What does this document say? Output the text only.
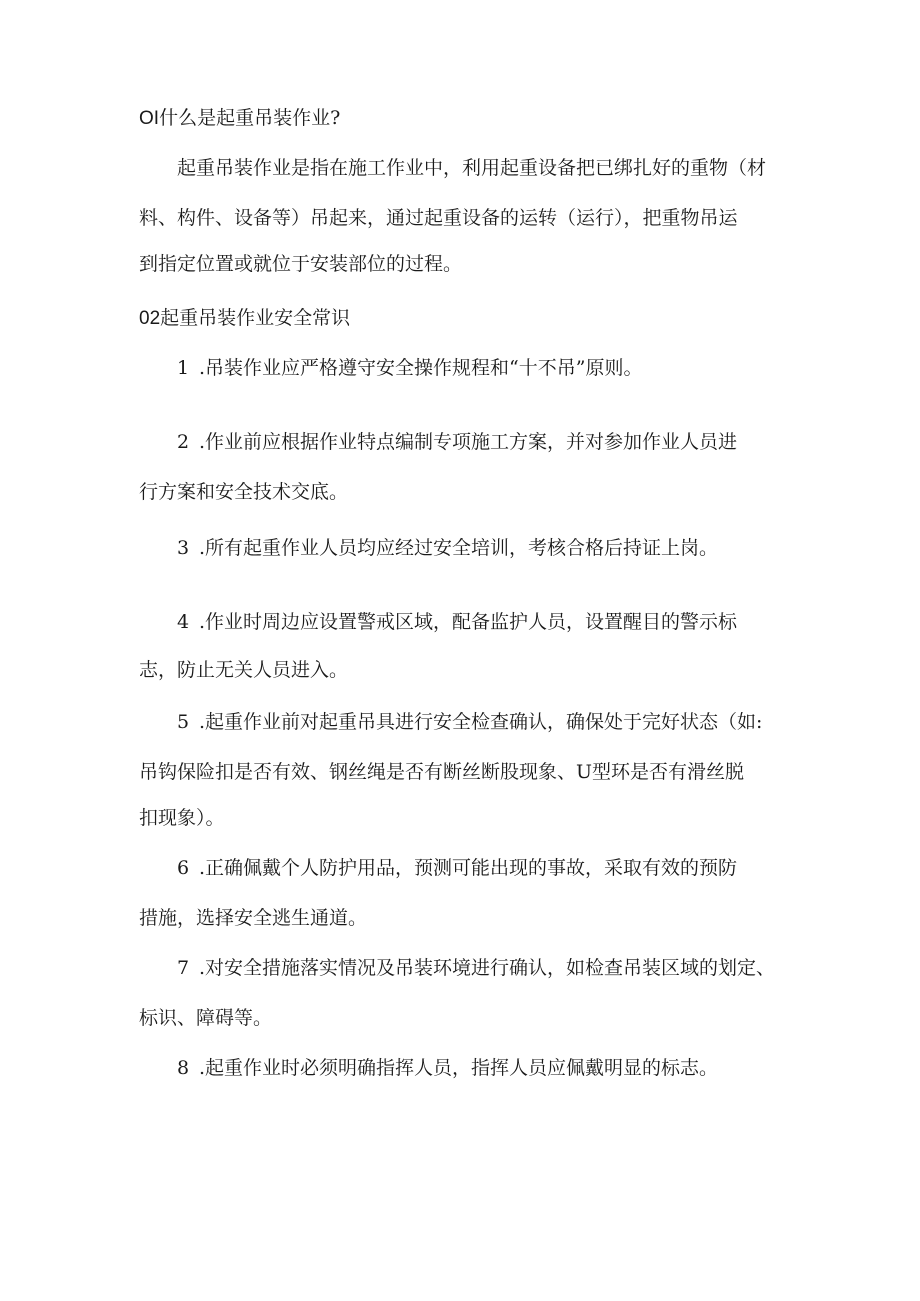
OI什么是起重吊装作业?
起重吊装作业是指在施工作业中，利用起重设备把已绑扎好的重物（材
料、构件、设备等）吊起来，通过起重设备的运转（运行），把重物吊运
到指定位置或就位于安装部位的过程。
02起重吊装作业安全常识
1 .吊装作业应严格遵守安全操作规程和“十不吊”原则。
2 .作业前应根据作业特点编制专项施工方案，并对参加作业人员进
行方案和安全技术交底。
3 .所有起重作业人员均应经过安全培训，考核合格后持证上岗。
4 .作业时周边应设置警戒区域，配备监护人员，设置醒目的警示标
志，防止无关人员进入。
5 .起重作业前对起重吊具进行安全检查确认，确保处于完好状态（如:
吊钩保险扣是否有效、钢丝绳是否有断丝断股现象、U型环是否有滑丝脱
扣现象）。
6 .正确佩戴个人防护用品，预测可能出现的事故，采取有效的预防
措施，选择安全逃生通道。
7 .对安全措施落实情况及吊装环境进行确认，如检查吊装区域的划定、
标识、障碍等。
8 .起重作业时必须明确指挥人员，指挥人员应佩戴明显的标志。
